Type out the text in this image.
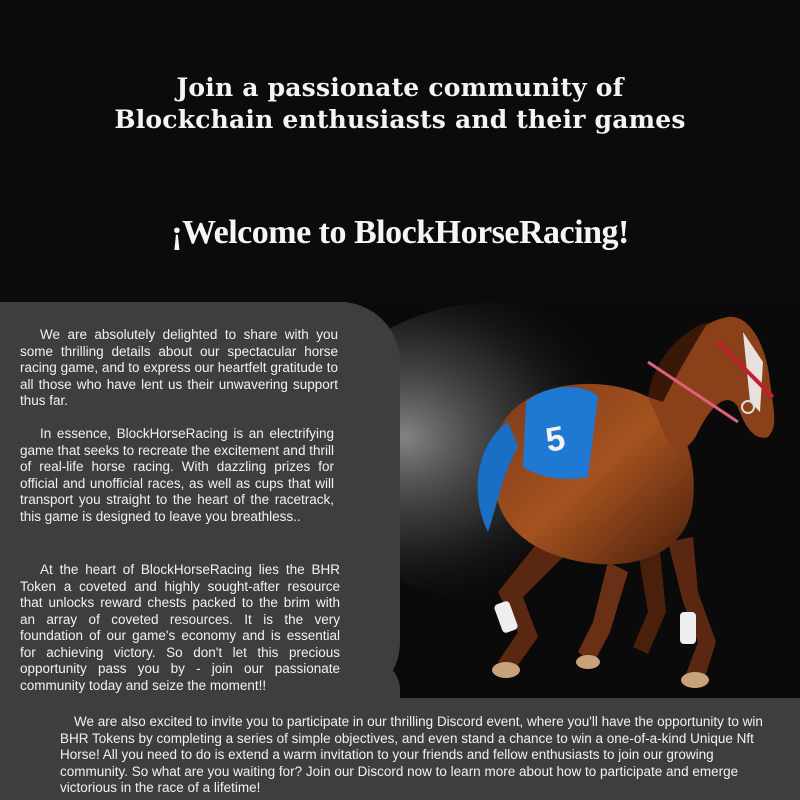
Join a passionate community of
Blockchain enthusiasts and their games
¡Welcome to BlockHorseRacing!
5

We are absolutely delighted to share with you some thrilling details about our spectacular horse racing game, and to express our heartfelt gratitude to all those who have lent us their unwavering support thus far.

In essence, BlockHorseRacing is an electrifying game that seeks to recreate the excitement and thrill of real-life horse racing. With dazzling prizes for official and unofficial races, as well as cups that will transport you straight to the heart of the racetrack, this game is designed to leave you breathless..

At the heart of BlockHorseRacing lies the BHR Token a coveted and highly sought-after resource that unlocks reward chests packed to the brim with an array of coveted resources. It is the very foundation of our game's economy and is essential for achieving victory. So don't let this precious opportunity pass you by - join our passionate community today and seize the moment!!

We are also excited to invite you to participate in our thrilling Discord event, where you'll have the opportunity to win BHR Tokens by completing a series of simple objectives, and even stand a chance to win a one-of-a-kind Unique Nft Horse! All you need to do is extend a warm invitation to your friends and fellow enthusiasts to join our growing community. So what are you waiting for? Join our Discord now to learn more about how to participate and emerge victorious in the race of a lifetime!
